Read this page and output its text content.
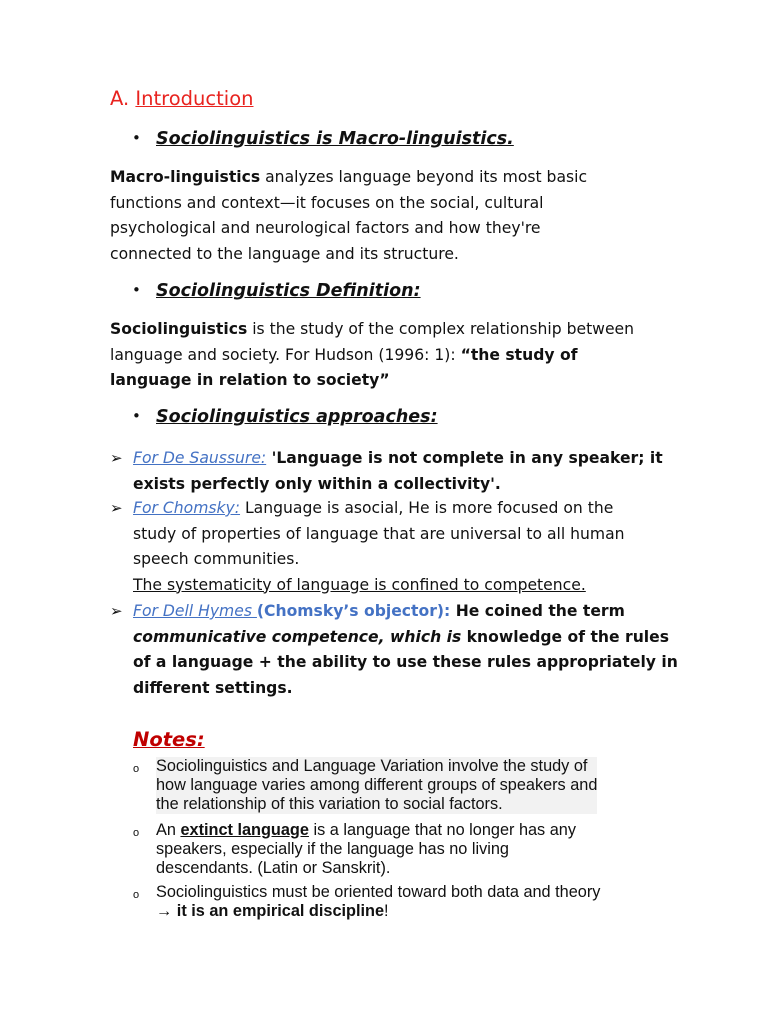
A. Introduction
• Sociolinguistics is Macro-linguistics.
Macro-linguistics analyzes language beyond its most basic
functions and context—it focuses on the social, cultural
psychological and neurological factors and how they're
connected to the language and its structure.
• Sociolinguistics Definition:
Sociolinguistics is the study of the complex relationship between
language and society. For Hudson (1996: 1): “the study of
language in relation to society”
• Sociolinguistics approaches:
➢ For De Saussure: 'Language is not complete in any speaker; it
exists perfectly only within a collectivity'.
➢ For Chomsky: Language is asocial, He is more focused on the
study of properties of language that are universal to all human
speech communities.
The systematicity of language is confined to competence.
➢ For Dell Hymes (Chomsky’s objector): He coined the term
communicative competence, which is knowledge of the rules
of a language + the ability to use these rules appropriately in
different settings.
Notes:
o Sociolinguistics and Language Variation involve the study of
how language varies among different groups of speakers and
the relationship of this variation to social factors.
o An extinct language is a language that no longer has any
speakers, especially if the language has no living
descendants. (Latin or Sanskrit).
o Sociolinguistics must be oriented toward both data and theory
→ it is an empirical discipline!
